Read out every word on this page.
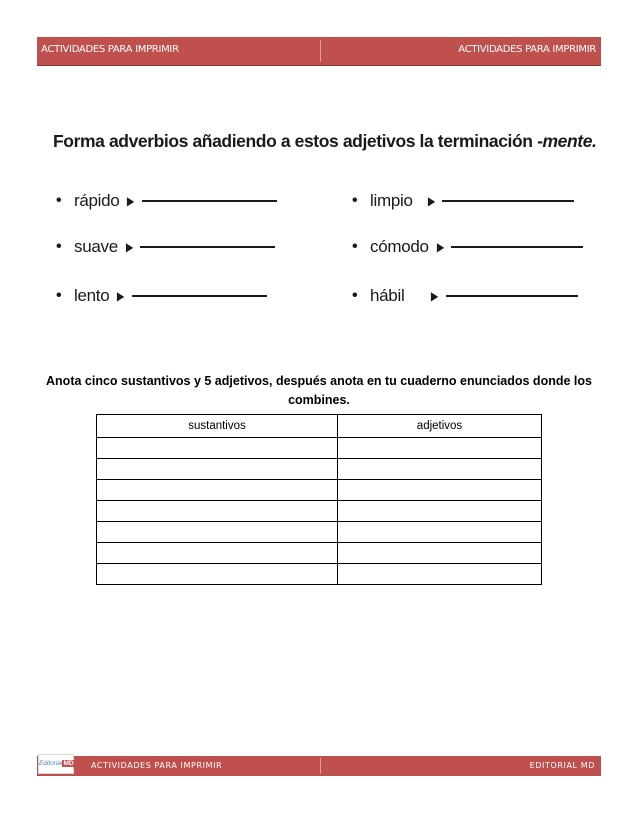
ACTIVIDADES PARA IMPRIMIR	ACTIVIDADES PARA IMPRIMIR
Forma adverbios añadiendo a estos adjetivos la terminación -mente.
• rápido ▶
• suave ▶
• lento ▶
• limpio ▶
• cómodo ▶
• hábil ▶
Anota cinco sustantivos y 5 adjetivos, después anota en tu cuaderno enunciados donde los combines.
sustantivos	adjetivos

ACTIVIDADES PARA IMPRIMIR	EDITORIAL MD
EditorialMD
